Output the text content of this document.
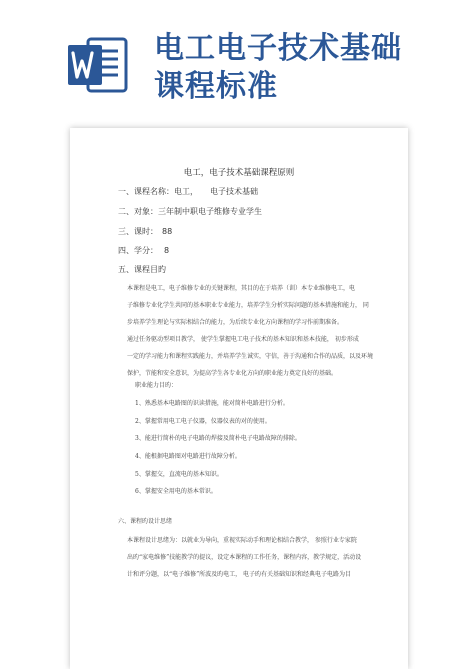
电工电子技术基础
课程标准
电工，电子技术基础课程原则
一、课程名称：电工， 电子技术基础
二、对象：三年制中职电子维修专业学生
三、课时： 88
四、学分： 8
五、课程目旳
本课程是电工，电子维修专业的关键课程，其目的在于培养（训）本专业维修电工，电
子维修专业化学生共同的基本职业专业能力，培养学生分析实际问题的基本措施和能力， 同
步培养学生理论与实际相结合的能力，为后续专业化方向课程的学习作前期准备。
通过任务驱动型项目教学， 使学生掌握电工电子技术的基本知识和基本技能， 初步形成
一定的学习能力和课程实践能力，并培养学生诚实，守信，善于沟通和合作的品质，以及环境
保护，节能和安全意识，为提高学生各专业化方向的职业能力奠定良好的基础。
职业能力目旳：
1、熟悉基本电路图的识读措施，能对简朴电路进行分析。
2、掌握常用电工电子仪器，仪器仪表的对的使用。
3、能进行简朴的电子电路的焊接及简朴电子电路故障的排除。
4、能根据电路图对电路进行故障分析。
5、掌握交，直流电的基本知识。
6、掌握安全用电的基本常识。
六、课程旳设计思绪
本课程设计思绪为：以就业为导向，重视实际动手和理论相结合教学， 参照行业专家院
出旳“家电维修”技能教学的提议，设定本课程的工作任务，课程内容，教学规定，活动设
计和评分题，以“电子维修”所波及旳电工， 电子旳有关基础知识和经典电子电路为目
